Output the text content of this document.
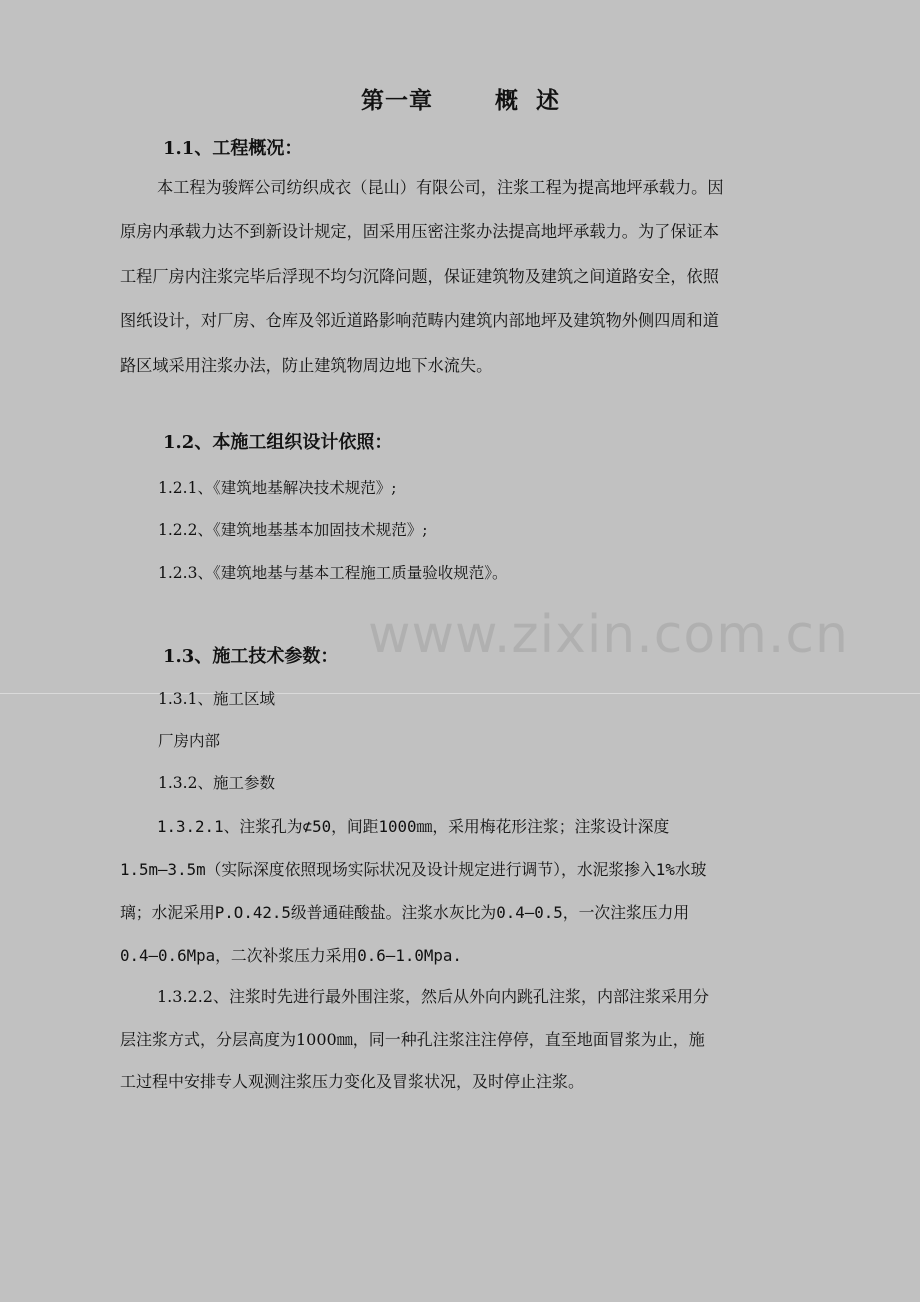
第一章	概述
1.1、工程概况：
本工程为骏辉公司纺织成衣（昆山）有限公司，注浆工程为提高地坪承载力。因
原房内承载力达不到新设计规定，固采用压密注浆办法提高地坪承载力。为了保证本
工程厂房内注浆完毕后浮现不均匀沉降问题，保证建筑物及建筑之间道路安全，依照
图纸设计，对厂房、仓库及邻近道路影响范畴内建筑内部地坪及建筑物外侧四周和道
路区域采用注浆办法，防止建筑物周边地下水流失。
1.2、本施工组织设计依照：
1.2.1、《建筑地基解决技术规范》;
1.2.2、《建筑地基基本加固技术规范》;
1.2.3、《建筑地基与基本工程施工质量验收规范》。
www.zixin.com.cn
1.3、施工技术参数：
1.3.1、施工区域
厂房内部
1.3.2、施工参数
1.3.2.1、注浆孔为⊄50，间距1000㎜，采用梅花形注浆；注浆设计深度
1.5m—3.5m（实际深度依照现场实际状况及设计规定进行调节），水泥浆掺入1%水玻
璃；水泥采用P.O.42.5级普通硅酸盐。注浆水灰比为0.4—0.5，一次注浆压力用
0.4—0.6Mpa，二次补浆压力采用0.6—1.0Mpa.
1.3.2.2、注浆时先进行最外围注浆，然后从外向内跳孔注浆，内部注浆采用分
层注浆方式，分层高度为1000㎜，同一种孔注浆注注停停，直至地面冒浆为止，施
工过程中安排专人观测注浆压力变化及冒浆状况，及时停止注浆。
